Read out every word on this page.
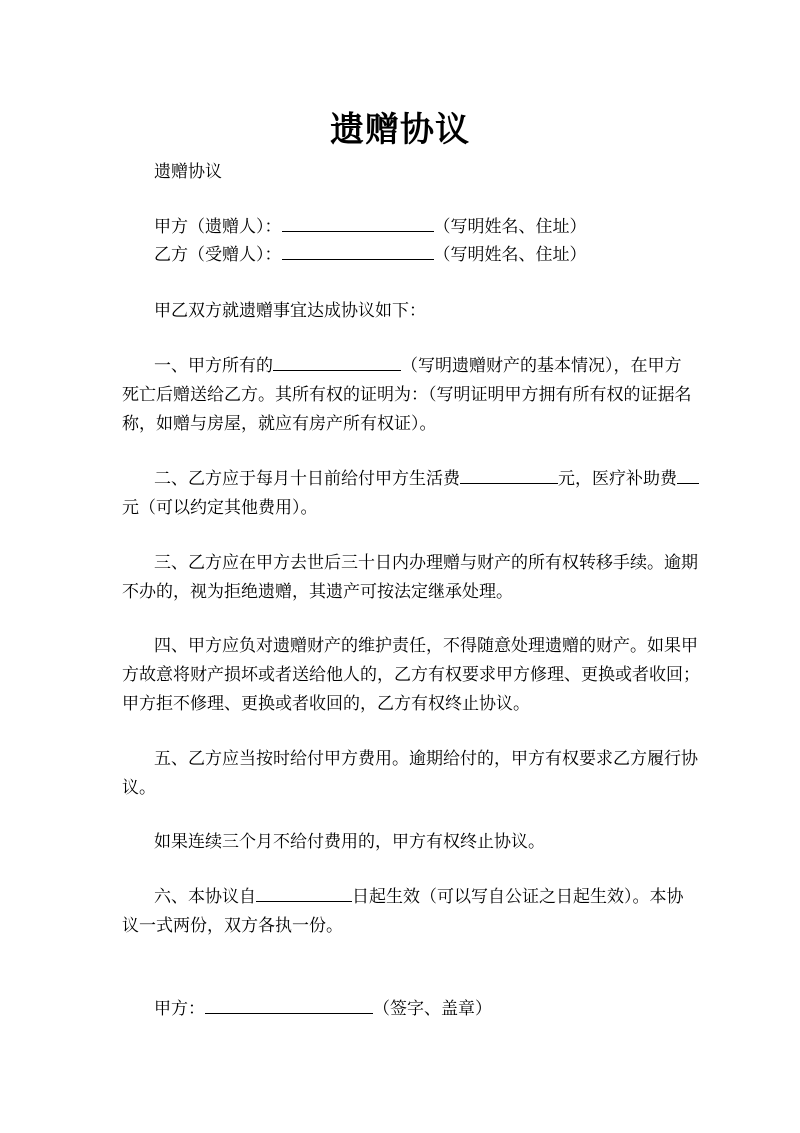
遗赠协议
遗赠协议
甲方（遗赠人）：	（写明姓名、住址）
乙方（受赠人）：	（写明姓名、住址）
甲乙双方就遗赠事宜达成协议如下：
一、甲方所有的	（写明遗赠财产的基本情况），在甲方
死亡后赠送给乙方。其所有权的证明为：（写明证明甲方拥有所有权的证据名
称，如赠与房屋，就应有房产所有权证）。
二、乙方应于每月十日前给付甲方生活费	元，医疗补助费
元（可以约定其他费用）。
三、乙方应在甲方去世后三十日内办理赠与财产的所有权转移手续。逾期
不办的，视为拒绝遗赠，其遗产可按法定继承处理。
四、甲方应负对遗赠财产的维护责任，不得随意处理遗赠的财产。如果甲
方故意将财产损坏或者送给他人的，乙方有权要求甲方修理、更换或者收回；
甲方拒不修理、更换或者收回的，乙方有权终止协议。
五、乙方应当按时给付甲方费用。逾期给付的，甲方有权要求乙方履行协
议。
如果连续三个月不给付费用的，甲方有权终止协议。
六、本协议自	日起生效（可以写自公证之日起生效）。本协
议一式两份，双方各执一份。
甲方：	（签字、盖章）
